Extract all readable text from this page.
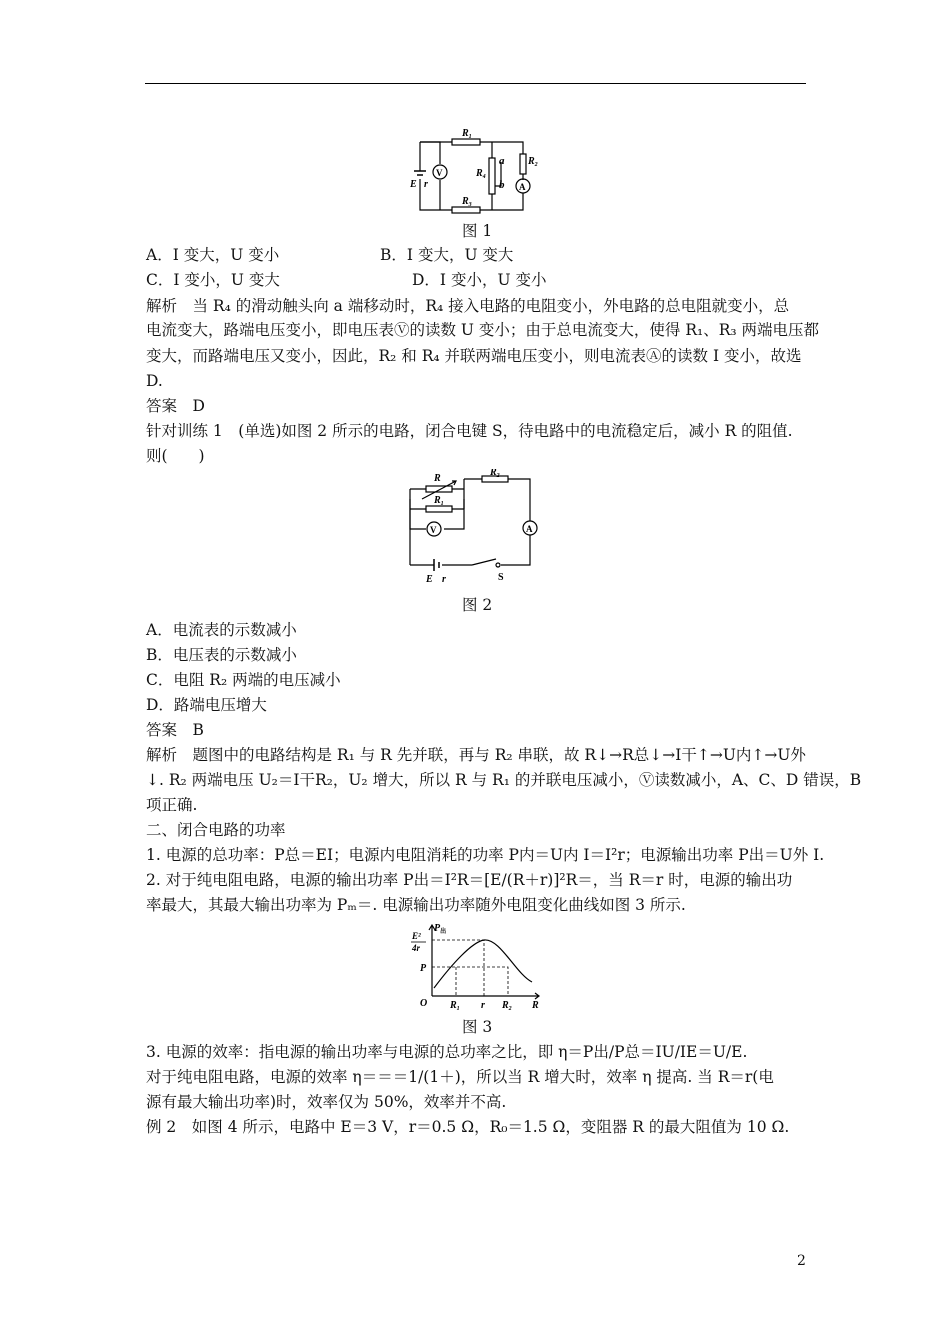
$R_1$
$R_2$
$R_3$
$R_4$
a
b
E r
V
A
图 1
A．I 变大，U 变小	B．I 变大，U 变大
C．I 变小，U 变大	D．I 变小，U 变小
解析　当 R₄ 的滑动触头向 a 端移动时，R₄ 接入电路的电阻变小，外电路的总电阻就变小，总
电流变大，路端电压变小，即电压表Ⓥ的读数 U 变小；由于总电流变大，使得 R₁、R₃ 两端电压都
变大，而路端电压又变小，因此，R₂ 和 R₄ 并联两端电压变小，则电流表Ⓐ的读数 I 变小，故选
D.
答案　D
针对训练 1　(单选)如图 2 所示的电路，闭合电键 S，待电路中的电流稳定后，减小 R 的阻值.
则(　　)
R
$R_1$
$R_2$
V	A
E r	S
图 2
A．电流表的示数减小
B．电压表的示数减小
C．电阻 R₂ 两端的电压减小
D．路端电压增大
答案　B
解析　题图中的电路结构是 R₁ 与 R 先并联，再与 R₂ 串联，故 R↓→R总↓→I干↑→U内↑→U外
↓. R₂ 两端电压 U₂＝I干R₂，U₂ 增大，所以 R 与 R₁ 的并联电压减小，Ⓥ读数减小，A、C、D 错误，B
项正确.
二、闭合电路的功率
1. 电源的总功率：P总＝EI；电源内电阻消耗的功率 P内＝U内 I＝I²r；电源输出功率 P出＝U外 I.
2. 对于纯电阻电路，电源的输出功率 P出＝I²R＝[E/(R＋r)]²R＝，当 R＝r 时，电源的输出功
率最大，其最大输出功率为 Pₘ＝. 电源输出功率随外电阻变化曲线如图 3 所示.
$P_出$
E²
4r
P
O $R_1$ r $R_2$ R
图 3
3. 电源的效率：指电源的输出功率与电源的总功率之比，即 η＝P出/P总＝IU/IE＝U/E.
对于纯电阻电路，电源的效率 η＝＝＝1/(1＋)，所以当 R 增大时，效率 η 提高. 当 R＝r(电
源有最大输出功率)时，效率仅为 50%，效率并不高.
例 2　如图 4 所示，电路中 E＝3 V，r＝0.5 Ω，R₀＝1.5 Ω，变阻器 R 的最大阻值为 10 Ω.
2
